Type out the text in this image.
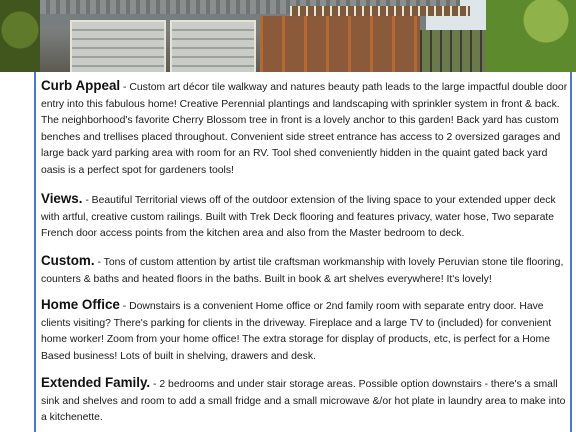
Curb Appeal - Custom art décor tile walkway and natures beauty path leads to the large impactful double door entry into this fabulous home! Creative Perennial plantings and landscaping with sprinkler system in front & back. The neighborhood's favorite Cherry Blossom tree in front is a lovely anchor to this garden! Back yard has custom benches and trellises placed throughout. Convenient side street entrance has access to 2 oversized garages and large back yard parking area with room for an RV. Tool shed conveniently hidden in the quaint gated back yard oasis is a perfect spot for gardeners tools!
Views. - Beautiful Territorial views off of the outdoor extension of the living space to your extended upper deck with artful, creative custom railings. Built with Trek Deck flooring and features privacy, water hose, Two separate French door access points from the kitchen area and also from the Master bedroom to deck.
Custom. - Tons of custom attention by artist tile craftsman workmanship with lovely Peruvian stone tile flooring, counters & baths and heated floors in the baths. Built in book & art shelves everywhere! It's lovely!
Home Office - Downstairs is a convenient Home office or 2nd family room with separate entry door. Have clients visiting? There's parking for clients in the driveway. Fireplace and a large TV to (included) for convenient home worker! Zoom from your home office! The extra storage for display of products, etc, is perfect for a Home Based business! Lots of built in shelving, drawers and desk.
Extended Family. - 2 bedrooms and under stair storage areas. Possible option downstairs - there's a small sink and shelves and room to add a small fridge and a small microwave &/or hot plate in laundry area to make into a kitchenette.
